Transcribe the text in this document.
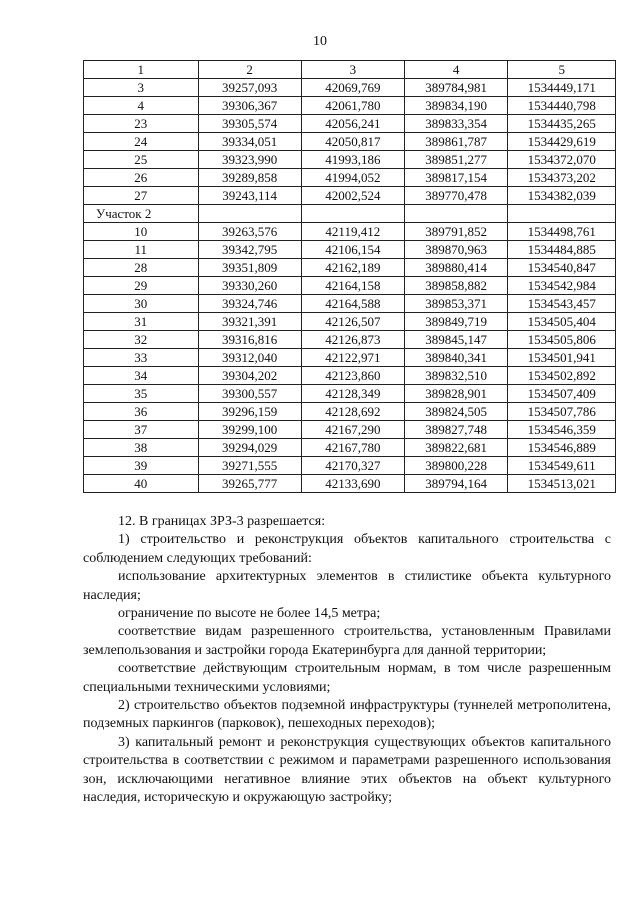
10
1	2	3	4	5
3	39257,093	42069,769	389784,981	1534449,171
4	39306,367	42061,780	389834,190	1534440,798
23	39305,574	42056,241	389833,354	1534435,265
24	39334,051	42050,817	389861,787	1534429,619
25	39323,990	41993,186	389851,277	1534372,070
26	39289,858	41994,052	389817,154	1534373,202
27	39243,114	42002,524	389770,478	1534382,039
Участок 2				
10	39263,576	42119,412	389791,852	1534498,761
11	39342,795	42106,154	389870,963	1534484,885
28	39351,809	42162,189	389880,414	1534540,847
29	39330,260	42164,158	389858,882	1534542,984
30	39324,746	42164,588	389853,371	1534543,457
31	39321,391	42126,507	389849,719	1534505,404
32	39316,816	42126,873	389845,147	1534505,806
33	39312,040	42122,971	389840,341	1534501,941
34	39304,202	42123,860	389832,510	1534502,892
35	39300,557	42128,349	389828,901	1534507,409
36	39296,159	42128,692	389824,505	1534507,786
37	39299,100	42167,290	389827,748	1534546,359
38	39294,029	42167,780	389822,681	1534546,889
39	39271,555	42170,327	389800,228	1534549,611
40	39265,777	42133,690	389794,164	1534513,021

12. В границах ЗРЗ-3 разрешается:

1) строительство и реконструкция объектов капитального строительства с соблюдением следующих требований:

использование архитектурных элементов в стилистике объекта культурного наследия;

ограничение по высоте не более 14,5 метра;

соответствие видам разрешенного строительства, установленным Правилами землепользования и застройки города Екатеринбурга для данной территории;

соответствие действующим строительным нормам, в том числе разрешенным специальными техническими условиями;

2) строительство объектов подземной инфраструктуры (туннелей метрополитена, подземных паркингов (парковок), пешеходных переходов);

3) капитальный ремонт и реконструкция существующих объектов капитального строительства в соответствии с режимом и параметрами разрешенного использования зон, исключающими негативное влияние этих объектов на объект культурного наследия, историческую и окружающую застройку;
